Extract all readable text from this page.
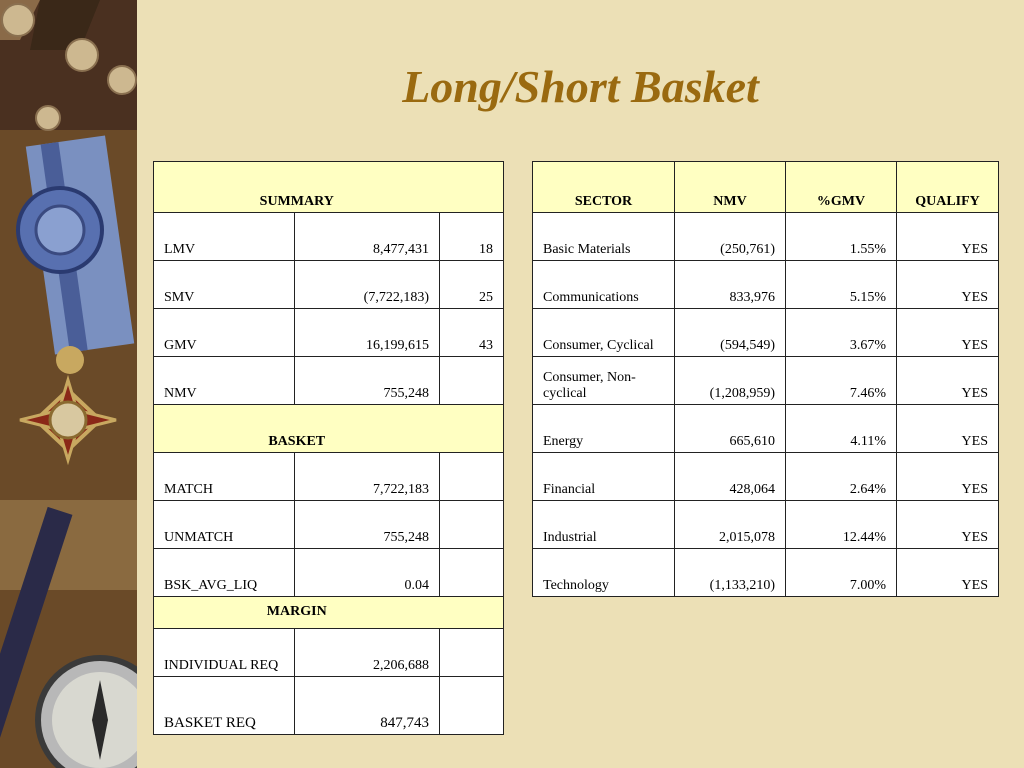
Long/Short Basket
SUMMARY		
LMV	8,477,431	18
SMV	(7,722,183)	25
GMV	16,199,615	43
NMV	755,248	
BASKET		
MATCH	7,722,183	
UNMATCH	755,248	
BSK_AVG_LIQ	0.04	
MARGIN		
INDIVIDUAL REQ	2,206,688	
BASKET REQ	847,743	
SECTOR	NMV	%GMV	QUALIFY
Basic Materials	(250,761)	1.55%	YES
Communications	833,976	5.15%	YES
Consumer, Cyclical	(594,549)	3.67%	YES
Consumer, Non-cyclical	(1,208,959)	7.46%	YES
Energy	665,610	4.11%	YES
Financial	428,064	2.64%	YES
Industrial	2,015,078	12.44%	YES
Technology	(1,133,210)	7.00%	YES
